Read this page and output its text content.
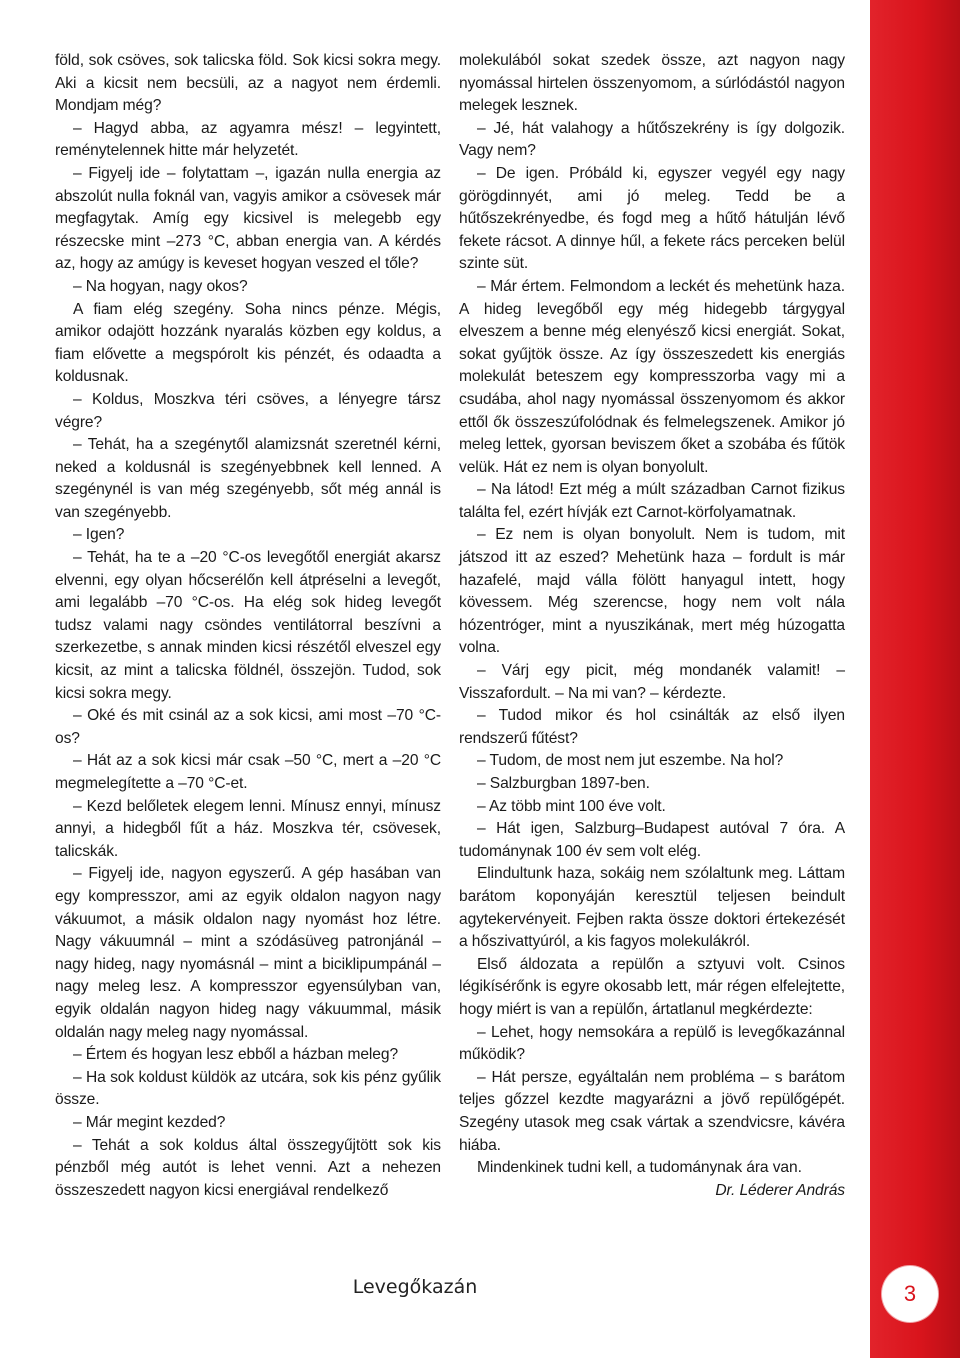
föld, sok csöves, sok talicska föld. Sok kicsi sokra megy. Aki a kicsit nem becsüli, az a nagyot nem érdemli. Mondjam még?

– Hagyd abba, az agyamra mész! – legyintett, reménytelennek hitte már helyzetét.

– Figyelj ide – folytattam –, igazán nulla energia az abszolút nulla foknál van, vagyis amikor a csövesek már megfagytak. Amíg egy kicsivel is melegebb egy részecske mint –273 °C, abban energia van. A kérdés az, hogy az amúgy is keveset hogyan veszed el tőle?

– Na hogyan, nagy okos?

A fiam elég szegény. Soha nincs pénze. Mégis, amikor odajött hozzánk nyaralás közben egy koldus, a fiam elővette a megspórolt kis pénzét, és odaadta a koldusnak.

– Koldus, Moszkva téri csöves, a lényegre társz végre?

– Tehát, ha a szegénytől alamizsnát szeretnél kérni, neked a koldusnál is szegényebbnek kell lenned. A szegénynél is van még szegényebb, sőt még annál is van szegényebb.

– Igen?

– Tehát, ha te a –20 °C-os levegőtől energiát akarsz elvenni, egy olyan hőcserélőn kell átpréselni a levegőt, ami legalább –70 °C-os. Ha elég sok hideg levegőt tudsz valami nagy csöndes ventilátorral beszívni a szerkezetbe, s annak minden kicsi részétől elveszel egy kicsit, az mint a talicska földnél, összejön. Tudod, sok kicsi sokra megy.

– Oké és mit csinál az a sok kicsi, ami most –70 °C-os?

– Hát az a sok kicsi már csak –50 °C, mert a –20 °C megmelegítette a –70 °C-et.

– Kezd belőletek elegem lenni. Mínusz ennyi, mínusz annyi, a hidegből fűt a ház. Moszkva tér, csövesek, talicskák.

– Figyelj ide, nagyon egyszerű. A gép hasában van egy kompresszor, ami az egyik oldalon nagyon nagy vákuumot, a másik oldalon nagy nyomást hoz létre. Nagy vákuumnál – mint a szódásüveg patronjánál – nagy hideg, nagy nyomásnál – mint a biciklipumpánál – nagy meleg lesz. A kompresszor egyensúlyban van, egyik oldalán nagyon hideg nagy vákuummal, másik oldalán nagy meleg nagy nyomással.

– Értem és hogyan lesz ebből a házban meleg?

– Ha sok koldust küldök az utcára, sok kis pénz gyűlik össze.

– Már megint kezded?

– Tehát a sok koldus által összegyűjtött sok kis pénzből még autót is lehet venni. Azt a nehezen összeszedett nagyon kicsi energiával rendelkező

molekulából sokat szedek össze, azt nagyon nagy nyomással hirtelen összenyomom, a súrlódástól nagyon melegek lesznek.

– Jé, hát valahogy a hűtőszekrény is így dolgozik. Vagy nem?

– De igen. Próbáld ki, egyszer vegyél egy nagy görögdinnyét, ami jó meleg. Tedd be a hűtőszekrényedbe, és fogd meg a hűtő hátulján lévő fekete rácsot. A dinnye hűl, a fekete rács perceken belül szinte süt.

– Már értem. Felmondom a leckét és mehetünk haza. A hideg levegőből egy még hidegebb tárgygyal elveszem a benne még elenyésző kicsi energiát. Sokat, sokat gyűjtök össze. Az így összeszedett kis energiás molekulát beteszem egy kompresszorba vagy mi a csudába, ahol nagy nyomással összenyomom és akkor ettől ők összeszúfolódnak és felmelegszenek. Amikor jó meleg lettek, gyorsan beviszem őket a szobába és fűtök velük. Hát ez nem is olyan bonyolult.

– Na látod! Ezt még a múlt században Carnot fizikus találta fel, ezért hívják ezt Carnot-körfolyamatnak.

– Ez nem is olyan bonyolult. Nem is tudom, mit játszod itt az eszed? Mehetünk haza – fordult is már hazafelé, majd válla fölött hanyagul intett, hogy kövessem. Még szerencse, hogy nem volt nála hózentróger, mint a nyuszikának, mert még húzogatta volna.

– Várj egy picit, még mondanék valamit! – Visszafordult. – Na mi van? – kérdezte.

– Tudod mikor és hol csinálták az első ilyen rendszerű fűtést?

– Tudom, de most nem jut eszembe. Na hol?

– Salzburgban 1897-ben.

– Az több mint 100 éve volt.

– Hát igen, Salzburg–Budapest autóval 7 óra. A tudománynak 100 év sem volt elég.

Elindultunk haza, sokáig nem szólaltunk meg. Láttam barátom koponyáján keresztül teljesen beindult agytekervényeit. Fejben rakta össze doktori értekezését a hőszivattyúról, a kis fagyos molekulákról.

Első áldozata a repülőn a sztyuvi volt. Csinos légikísérőnk is egyre okosabb lett, már régen elfelejtette, hogy miért is van a repülőn, ártatlanul megkérdezte:

– Lehet, hogy nemsokára a repülő is levegőkazánnal működik?

– Hát persze, egyáltalán nem probléma – s barátom teljes gőzzel kezdte magyarázni a jövő repülőgépét. Szegény utasok meg csak vártak a szendvicsre, kávéra hiába.

Mindenkinek tudni kell, a tudománynak ára van.

Dr. Léderer András

Levegőkazán	3
